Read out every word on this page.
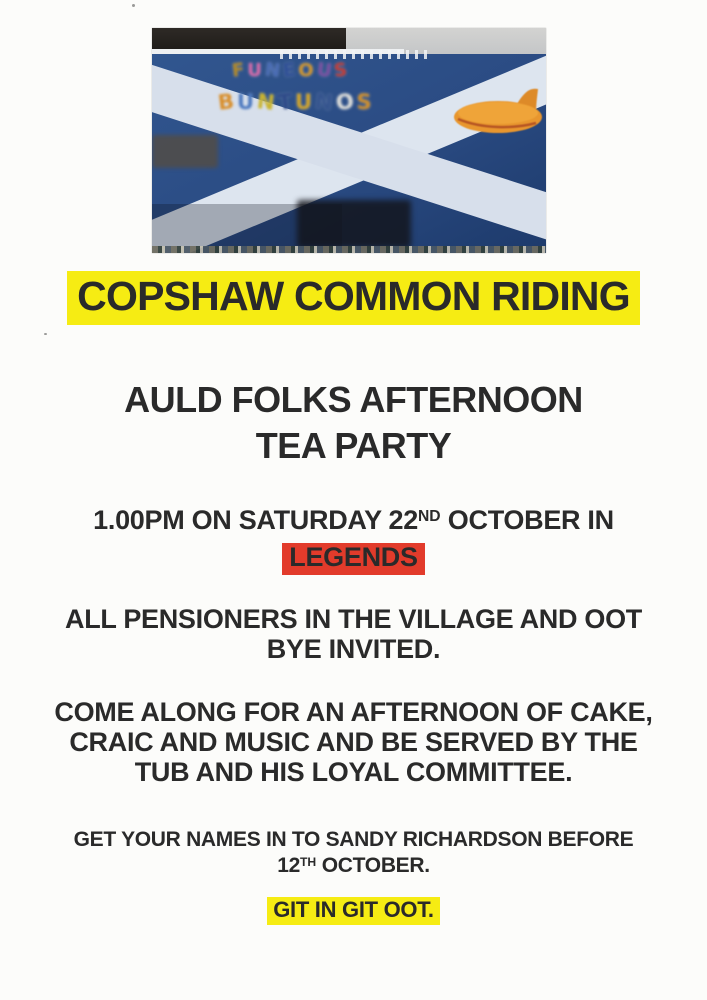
F U N E O U S
B U N T U N O S
COPSHAW COMMON RIDING
AULD FOLKS AFTERNOON
TEA PARTY
1.00PM ON SATURDAY 22ND OCTOBER IN
LEGENDS
ALL PENSIONERS IN THE VILLAGE AND OOT
BYE INVITED.
COME ALONG FOR AN AFTERNOON OF CAKE,
CRAIC AND MUSIC AND BE SERVED BY THE
TUB AND HIS LOYAL COMMITTEE.
GET YOUR NAMES IN TO SANDY RICHARDSON BEFORE
12TH OCTOBER.
GIT IN GIT OOT.
